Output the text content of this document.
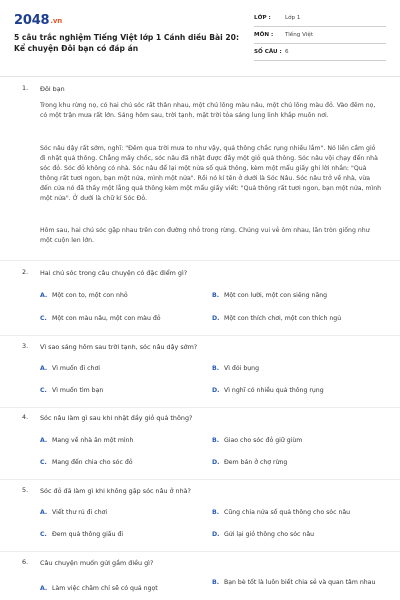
2048.vn
5 câu trắc nghiệm Tiếng Việt lớp 1 Cánh diều Bài 20: Kể chuyện Đôi bạn có đáp án
LỚP :	Lớp 1
MÔN :	Tiếng Việt
SỐ CÂU : 6
1. Đôi bạn
Trong khu rừng nọ, có hai chú sóc rất thân nhau, một chú lông màu nâu, một chú lông màu đỏ. Vào đêm nọ, có một trận mưa rất lớn. Sáng hôm sau, trời tạnh, mặt trời tỏa sáng lung linh khắp muôn nơi.
Sóc nâu dậy rất sớm, nghĩ: "Đêm qua trời mưa to như vậy, quả thông chắc rụng nhiều lắm". Nó liền cầm giỏ đi nhặt quả thông. Chẳng mấy chốc, sóc nâu đã nhặt được đầy một giỏ quả thông. Sóc nâu vội chạy đến nhà sóc đỏ. Sóc đỏ không có nhà. Sóc nâu để lại một nửa số quả thông, kèm một mẩu giấy ghi lời nhắn: "Quả thông rất tươi ngon, bạn một nửa, mình một nửa". Rồi nó kí tên ở dưới là Sóc Nâu. Sóc nâu trở về nhà, vừa đến cửa nó đã thấy một lẵng quả thông kèm một mẩu giấy viết: "Quả thông rất tươi ngon, bạn một nửa, mình một nửa". Ở dưới là chữ kí Sóc Đỏ.
Hôm sau, hai chú sóc gặp nhau trên con đường nhỏ trong rừng. Chúng vui vẻ ôm nhau, lăn tròn giống như một cuộn len lớn.
2. Hai chú sóc trong câu chuyện có đặc điểm gì?
A. Một con to, một con nhỏ	B. Một con lười, một con siêng năng
C. Một con màu nâu, một con màu đỏ	D. Một con thích chơi, một con thích ngủ
3. Vì sao sáng hôm sau trời tạnh, sóc nâu dậy sớm?
A. Vì muốn đi chơi	B. Vì đói bụng
C. Vì muốn tìm bạn	D. Vì nghĩ có nhiều quả thông rụng
4. Sóc nâu làm gì sau khi nhặt đầy giỏ quả thông?
A. Mang về nhà ăn một mình	B. Giao cho sóc đỏ giữ giùm
C. Mang đến chia cho sóc đỏ	D. Đem bán ở chợ rừng
5. Sóc đỏ đã làm gì khi không gặp sóc nâu ở nhà?
A. Viết thư rủ đi chơi	B. Cũng chia nửa số quả thông cho sóc nâu
C. Đem quả thông giấu đi	D. Gửi lại giỏ thông cho sóc nâu
6. Câu chuyện muốn gửi gắm điều gì?
A. Làm việc chăm chỉ sẽ có quả ngọt
B. Bạn bè tốt là luôn biết chia sẻ và quan tâm nhau
